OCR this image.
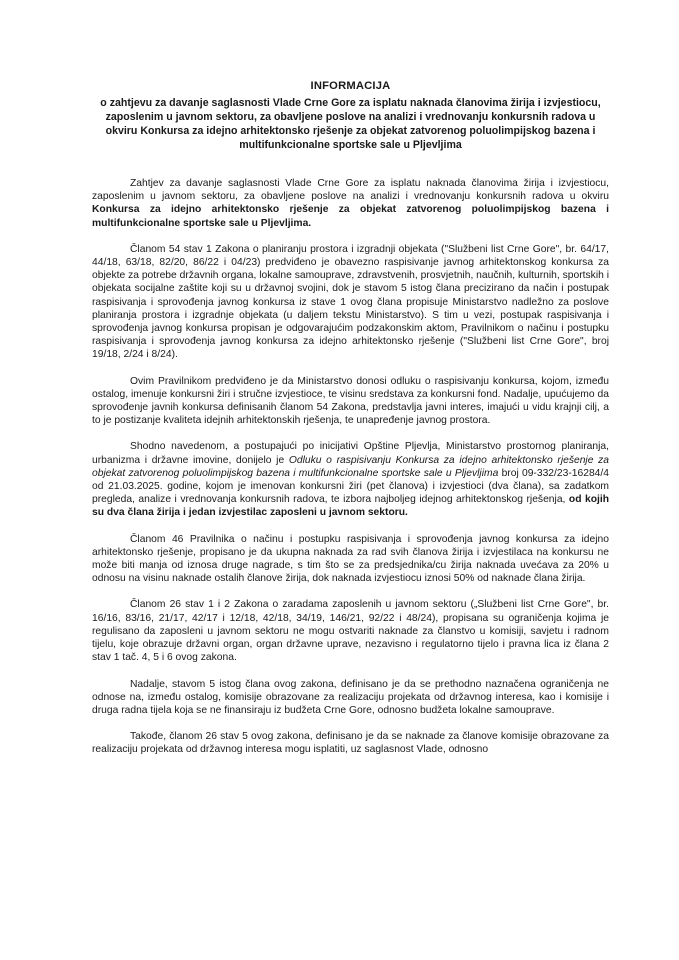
INFORMACIJA
o zahtjevu za davanje saglasnosti Vlade Crne Gore za isplatu naknada članovima žirija i izvjestiocu, zaposlenim u javnom sektoru, za obavljene poslove na analizi i vrednovanju konkursnih radova u okviru Konkursa za idejno arhitektonsko rješenje za objekat zatvorenog poluolimpijskog bazena i multifunkcionalne sportske sale u Pljevljima

Zahtjev za davanje saglasnosti Vlade Crne Gore za isplatu naknada članovima žirija i izvjestiocu, zaposlenim u javnom sektoru, za obavljene poslove na analizi i vrednovanju konkursnih radova u okviru Konkursa za idejno arhitektonsko rješenje za objekat zatvorenog poluolimpijskog bazena i multifunkcionalne sportske sale u Pljevljima.

Članom 54 stav 1 Zakona o planiranju prostora i izgradnji objekata ("Službeni list Crne Gore", br. 64/17, 44/18, 63/18, 82/20, 86/22 i 04/23) predviđeno je obavezno raspisivanje javnog arhitektonskog konkursa za objekte za potrebe državnih organa, lokalne samouprave, zdravstvenih, prosvjetnih, naučnih, kulturnih, sportskih i objekata socijalne zaštite koji su u državnoj svojini, dok je stavom 5 istog člana precizirano da način i postupak raspisivanja i sprovođenja javnog konkursa iz stave 1 ovog člana propisuje Ministarstvo nadležno za poslove planiranja prostora i izgradnje objekata (u daljem tekstu Ministarstvo). S tim u vezi, postupak raspisivanja i sprovođenja javnog konkursa propisan je odgovarajućim podzakonskim aktom, Pravilnikom o načinu i postupku raspisivanja i sprovođenja javnog konkursa za idejno arhitektonsko rješenje ("Službeni list Crne Gore", broj 19/18, 2/24 i 8/24).

Ovim Pravilnikom predviđeno je da Ministarstvo donosi odluku o raspisivanju konkursa, kojom, između ostalog, imenuje konkursni žiri i stručne izvjestioce, te visinu sredstava za konkursni fond. Nadalje, upućujemo da sprovođenje javnih konkursa definisanih članom 54 Zakona, predstavlja javni interes, imajući u vidu krajnji cilj, a to je postizanje kvaliteta idejnih arhitektonskih rješenja, te unapređenje javnog prostora.

Shodno navedenom, a postupajući po inicijativi Opštine Pljevlja, Ministarstvo prostornog planiranja, urbanizma i državne imovine, donijelo je Odluku o raspisivanju Konkursa za idejno arhitektonsko rješenje za objekat zatvorenog poluolimpijskog bazena i multifunkcionalne sportske sale u Pljevljima broj 09-332/23-16284/4 od 21.03.2025. godine, kojom je imenovan konkursni žiri (pet članova) i izvjestioci (dva člana), sa zadatkom pregleda, analize i vrednovanja konkursnih radova, te izbora najboljeg idejnog arhitektonskog rješenja, od kojih su dva člana žirija i jedan izvjestilac zaposleni u javnom sektoru.

Članom 46 Pravilnika o načinu i postupku raspisivanja i sprovođenja javnog konkursa za idejno arhitektonsko rješenje, propisano je da ukupna naknada za rad svih članova žirija i izvjestilaca na konkursu ne može biti manja od iznosa druge nagrade, s tim što se za predsjednika/cu žirija naknada uvećava za 20% u odnosu na visinu naknade ostalih članove žirija, dok naknada izvjestiocu iznosi 50% od naknade člana žirija.

Članom 26 stav 1 i 2 Zakona o zaradama zaposlenih u javnom sektoru („Službeni list Crne Gore", br. 16/16, 83/16, 21/17, 42/17 i 12/18, 42/18, 34/19, 146/21, 92/22 i 48/24), propisana su ograničenja kojima je regulisano da zaposleni u javnom sektoru ne mogu ostvariti naknade za članstvo u komisiji, savjetu i radnom tijelu, koje obrazuje državni organ, organ državne uprave, nezavisno i regulatorno tijelo i pravna lica iz člana 2 stav 1 tač. 4, 5 i 6 ovog zakona.

Nadalje, stavom 5 istog člana ovog zakona, definisano je da se prethodno naznačena ograničenja ne odnose na, između ostalog, komisije obrazovane za realizaciju projekata od državnog interesa, kao i komisije i druga radna tijela koja se ne finansiraju iz budžeta Crne Gore, odnosno budžeta lokalne samouprave.

Takođe, članom 26 stav 5 ovog zakona, definisano je da se naknade za članove komisije obrazovane za realizaciju projekata od državnog interesa mogu isplatiti, uz saglasnost Vlade, odnosno
